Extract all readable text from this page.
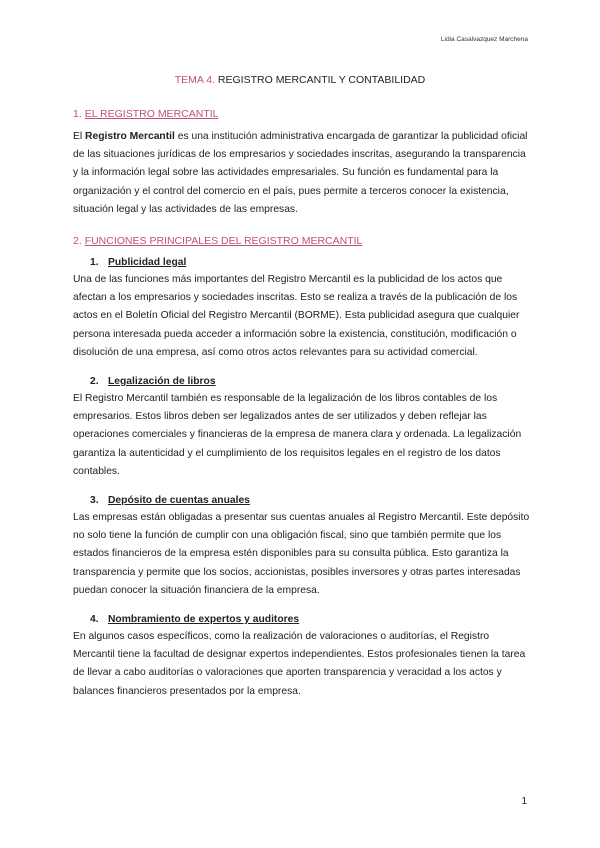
Lidia Casalvazquez Marchena
TEMA 4. REGISTRO MERCANTIL Y CONTABILIDAD
1. EL REGISTRO MERCANTIL

El Registro Mercantil es una institución administrativa encargada de garantizar la publicidad oficial de las situaciones jurídicas de los empresarios y sociedades inscritas, asegurando la transparencia y la información legal sobre las actividades empresariales. Su función es fundamental para la organización y el control del comercio en el país, pues permite a terceros conocer la existencia, situación legal y las actividades de las empresas.

2. FUNCIONES PRINCIPALES DEL REGISTRO MERCANTIL
1. Publicidad legal

Una de las funciones más importantes del Registro Mercantil es la publicidad de los actos que afectan a los empresarios y sociedades inscritas. Esto se realiza a través de la publicación de los actos en el Boletín Oficial del Registro Mercantil (BORME). Esta publicidad asegura que cualquier persona interesada pueda acceder a información sobre la existencia, constitución, modificación o disolución de una empresa, así como otros actos relevantes para su actividad comercial.

2. Legalización de libros

El Registro Mercantil también es responsable de la legalización de los libros contables de los empresarios. Estos libros deben ser legalizados antes de ser utilizados y deben reflejar las operaciones comerciales y financieras de la empresa de manera clara y ordenada. La legalización garantiza la autenticidad y el cumplimiento de los requisitos legales en el registro de los datos contables.

3. Depósito de cuentas anuales

Las empresas están obligadas a presentar sus cuentas anuales al Registro Mercantil. Este depósito no solo tiene la función de cumplir con una obligación fiscal, sino que también permite que los estados financieros de la empresa estén disponibles para su consulta pública. Esto garantiza la transparencia y permite que los socios, accionistas, posibles inversores y otras partes interesadas puedan conocer la situación financiera de la empresa.

4. Nombramiento de expertos y auditores

En algunos casos específicos, como la realización de valoraciones o auditorías, el Registro Mercantil tiene la facultad de designar expertos independientes. Estos profesionales tienen la tarea de llevar a cabo auditorías o valoraciones que aporten transparencia y veracidad a los actos y balances financieros presentados por la empresa.

1
